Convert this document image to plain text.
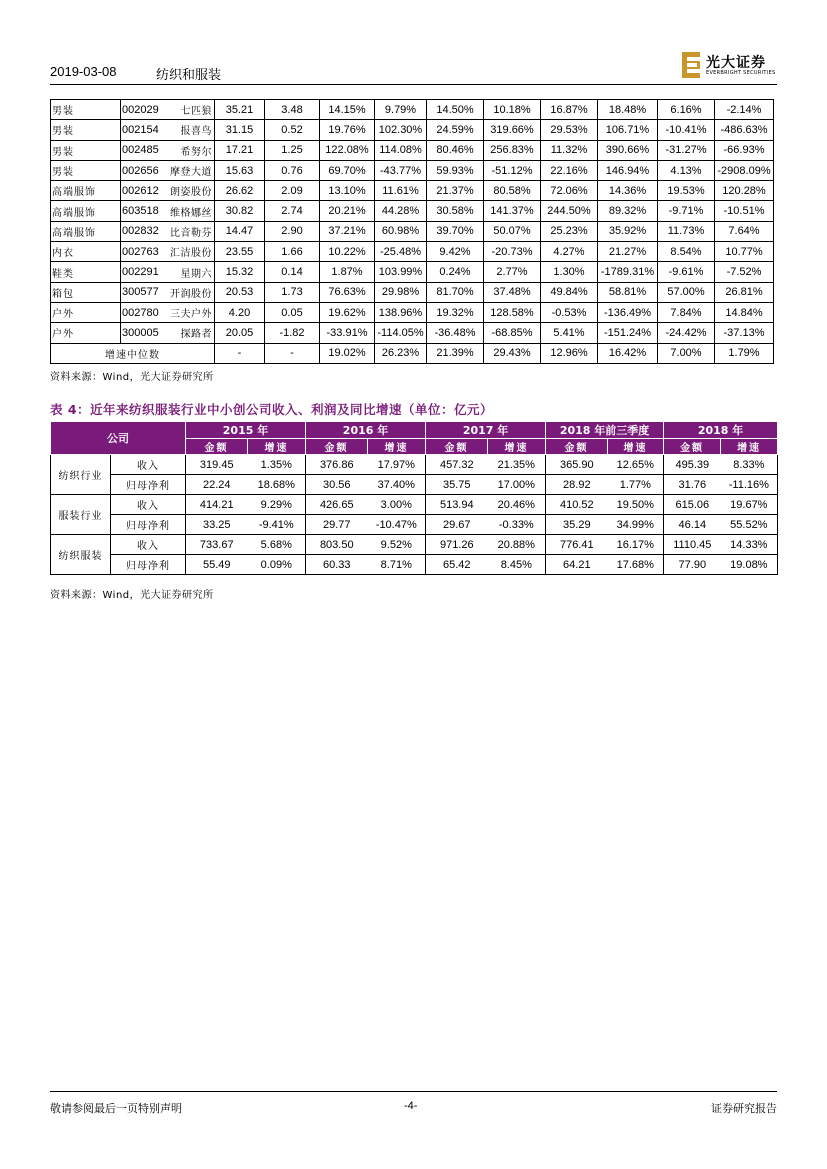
2019-03-08	纺织和服装
光大证券
EVERBRIGHT SECURITIES
男装	002029	七匹狼	35.21	3.48	14.15%	9.79%	14.50%	10.18%	16.87%	18.48%	6.16%	-2.14%
男装	002154	报喜鸟	31.15	0.52	19.76%	102.30%	24.59%	319.66%	29.53%	106.71%	-10.41%	-486.63%
男装	002485	希努尔	17.21	1.25	122.08%	114.08%	80.46%	256.83%	11.32%	390.66%	-31.27%	-66.93%
男装	002656	摩登大道	15.63	0.76	69.70%	-43.77%	59.93%	-51.12%	22.16%	146.94%	4.13%	-2908.09%
高端服饰	002612	朗姿股份	26.62	2.09	13.10%	11.61%	21.37%	80.58%	72.06%	14.36%	19.53%	120.28%
高端服饰	603518	维格娜丝	30.82	2.74	20.21%	44.28%	30.58%	141.37%	244.50%	89.32%	-9.71%	-10.51%
高端服饰	002832	比音勒芬	14.47	2.90	37.21%	60.98%	39.70%	50.07%	25.23%	35.92%	11.73%	7.64%
内衣	002763	汇洁股份	23.55	1.66	10.22%	-25.48%	9.42%	-20.73%	4.27%	21.27%	8.54%	10.77%
鞋类	002291	星期六	15.32	0.14	1.87%	103.99%	0.24%	2.77%	1.30%	-1789.31%	-9.61%	-7.52%
箱包	300577	开润股份	20.53	1.73	76.63%	29.98%	81.70%	37.48%	49.84%	58.81%	57.00%	26.81%
户外	002780	三夫户外	4.20	0.05	19.62%	138.96%	19.32%	128.58%	-0.53%	-136.49%	7.84%	14.84%
户外	300005	探路者	20.05	-1.82	-33.91%	-114.05%	-36.48%	-68.85%	5.41%	-151.24%	-24.42%	-37.13%
增速中位数			-	-	19.02%	26.23%	21.39%	29.43%	12.96%	16.42%	7.00%	1.79%
资料来源：Wind，光大证券研究所
表 4：近年来纺织服装行业中小创公司收入、利润及同比增速（单位：亿元）
公司		2015 年		2016 年		2017 年		2018 年前三季度		2018 年	
		金额	增速	金额	增速	金额	增速	金额	增速	金额	增速
纺织行业	收入	319.45	1.35%	376.86	17.97%	457.32	21.35%	365.90	12.65%	495.39	8.33%
	归母净利	22.24	18.68%	30.56	37.40%	35.75	17.00%	28.92	1.77%	31.76	-11.16%
服装行业	收入	414.21	9.29%	426.65	3.00%	513.94	20.46%	410.52	19.50%	615.06	19.67%
	归母净利	33.25	-9.41%	29.77	-10.47%	29.67	-0.33%	35.29	34.99%	46.14	55.52%
纺织服装	收入	733.67	5.68%	803.50	9.52%	971.26	20.88%	776.41	16.17%	1110.45	14.33%
	归母净利	55.49	0.09%	60.33	8.71%	65.42	8.45%	64.21	17.68%	77.90	19.08%
资料来源：Wind，光大证券研究所
敬请参阅最后一页特别声明	-4-	证券研究报告
